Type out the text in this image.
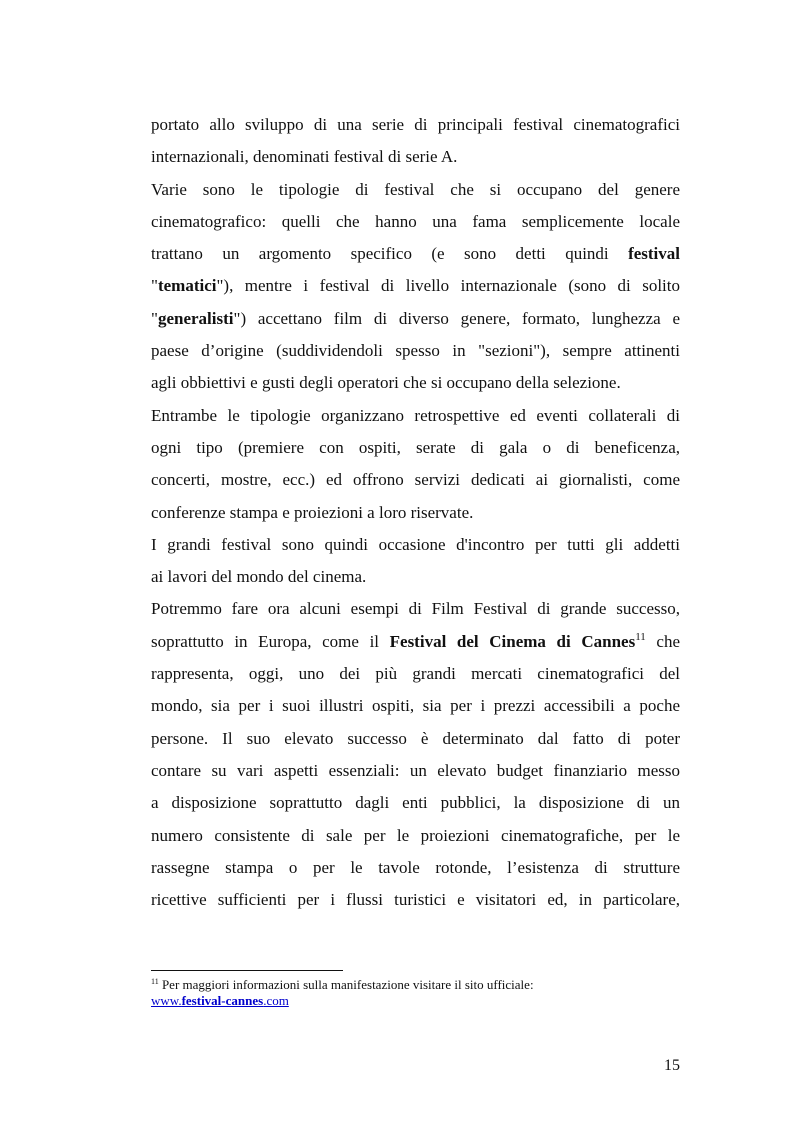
portato allo sviluppo di una serie di principali festival cinematografici

internazionali, denominati festival di serie A.

Varie sono le tipologie di festival che si occupano del genere

cinematografico: quelli che hanno una fama semplicemente locale

trattano un argomento specifico (e sono detti quindi festival

"tematici"), mentre i festival di livello internazionale (sono di solito

"generalisti") accettano film di diverso genere, formato, lunghezza e

paese d’origine (suddividendoli spesso in "sezioni"), sempre attinenti

agli obbiettivi e gusti degli operatori che si occupano della selezione.

Entrambe le tipologie organizzano retrospettive ed eventi collaterali di

ogni tipo (premiere con ospiti, serate di gala o di beneficenza,

concerti, mostre, ecc.) ed offrono servizi dedicati ai giornalisti, come

conferenze stampa e proiezioni a loro riservate.

I grandi festival sono quindi occasione d'incontro per tutti gli addetti

ai lavori del mondo del cinema.

Potremmo fare ora alcuni esempi di Film Festival di grande successo,

soprattutto in Europa, come il Festival del Cinema di Cannes$^{11}$ che

rappresenta, oggi, uno dei più grandi mercati cinematografici del

mondo, sia per i suoi illustri ospiti, sia per i prezzi accessibili a poche

persone. Il suo elevato successo è determinato dal fatto di poter

contare su vari aspetti essenziali: un elevato budget finanziario messo

a disposizione soprattutto dagli enti pubblici, la disposizione di un

numero consistente di sale per le proiezioni cinematografiche, per le

rassegne stampa o per le tavole rotonde, l’esistenza di strutture

ricettive sufficienti per i flussi turistici e visitatori ed, in particolare,

$^{11}$ Per maggiori informazioni sulla manifestazione visitare il sito ufficiale:

www.festival-cannes.com

15
